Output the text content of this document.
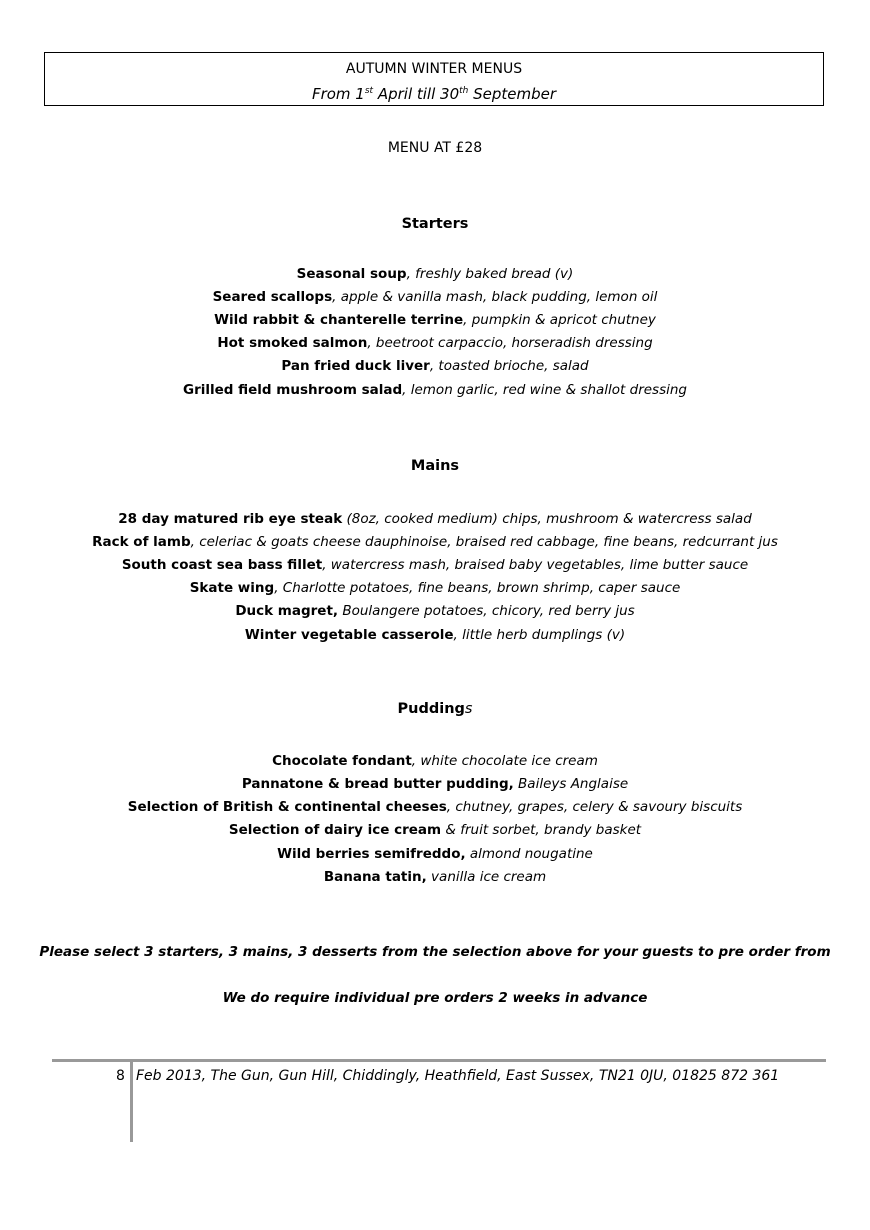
AUTUMN WINTER MENUS
From 1st April till 30th September
MENU AT £28
Starters
Seasonal soup, freshly baked bread (v)
Seared scallops, apple & vanilla mash, black pudding, lemon oil
Wild rabbit & chanterelle terrine, pumpkin & apricot chutney
Hot smoked salmon, beetroot carpaccio, horseradish dressing
Pan fried duck liver, toasted brioche, salad
Grilled field mushroom salad, lemon garlic, red wine & shallot dressing
Mains
28 day matured rib eye steak (8oz, cooked medium) chips, mushroom & watercress salad
Rack of lamb, celeriac & goats cheese dauphinoise, braised red cabbage, fine beans, redcurrant jus
South coast sea bass fillet, watercress mash, braised baby vegetables, lime butter sauce
Skate wing, Charlotte potatoes, fine beans, brown shrimp, caper sauce
Duck magret, Boulangere potatoes, chicory, red berry jus
Winter vegetable casserole, little herb dumplings (v)
Puddings
Chocolate fondant, white chocolate ice cream
Pannatone & bread butter pudding, Baileys Anglaise
Selection of British & continental cheeses, chutney, grapes, celery & savoury biscuits
Selection of dairy ice cream & fruit sorbet, brandy basket
Wild berries semifreddo, almond nougatine
Banana tatin, vanilla ice cream
Please select 3 starters, 3 mains, 3 desserts from the selection above for your guests to pre order from
We do require individual pre orders 2 weeks in advance
8 Feb 2013, The Gun, Gun Hill, Chiddingly, Heathfield, East Sussex, TN21 0JU, 01825 872 361
